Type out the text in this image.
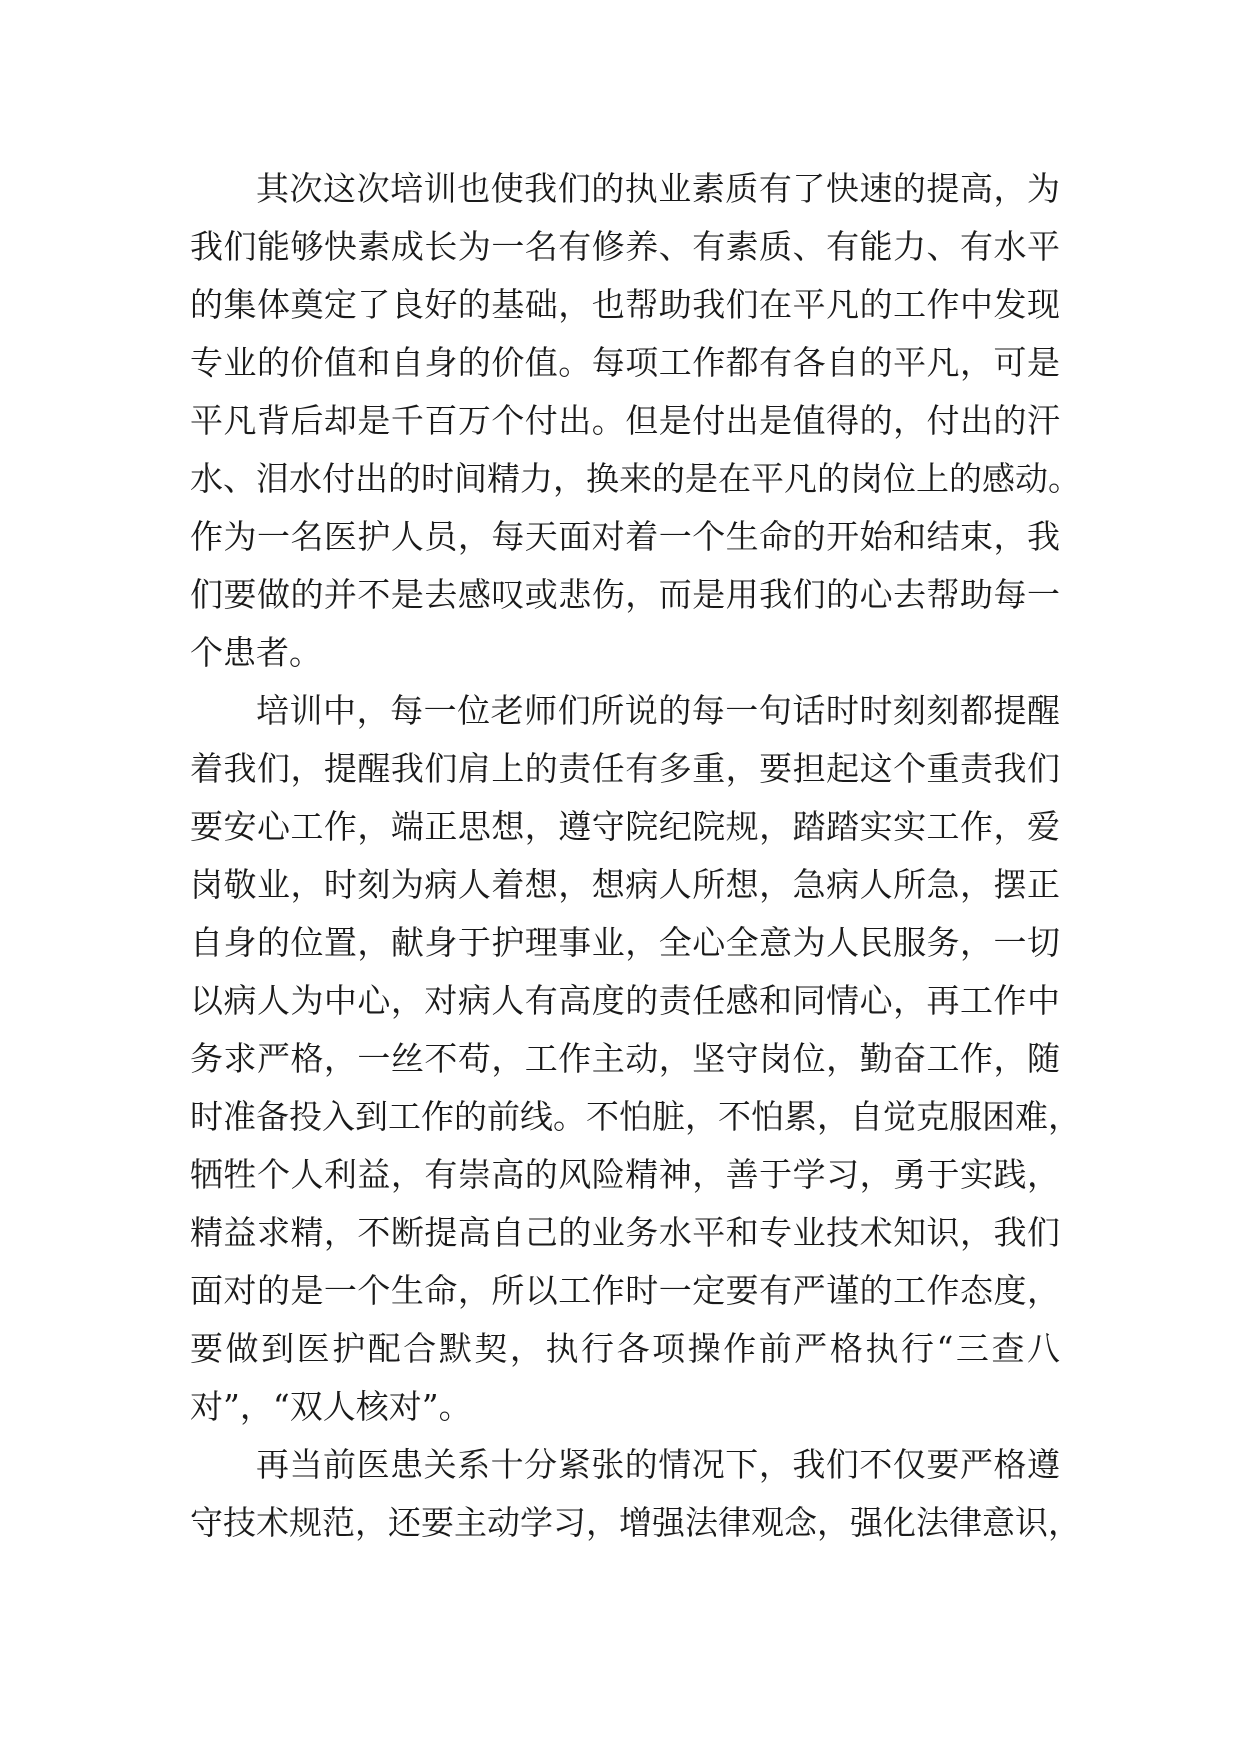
其次这次培训也使我们的执业素质有了快速的提高，为
我们能够快素成长为一名有修养、有素质、有能力、有水平
的集体奠定了良好的基础，也帮助我们在平凡的工作中发现
专业的价值和自身的价值。每项工作都有各自的平凡，可是
平凡背后却是千百万个付出。但是付出是值得的，付出的汗
水、泪水付出的时间精力，换来的是在平凡的岗位上的感动。
作为一名医护人员，每天面对着一个生命的开始和结束，我
们要做的并不是去感叹或悲伤，而是用我们的心去帮助每一
个患者。
培训中，每一位老师们所说的每一句话时时刻刻都提醒
着我们，提醒我们肩上的责任有多重，要担起这个重责我们
要安心工作，端正思想，遵守院纪院规，踏踏实实工作，爱
岗敬业，时刻为病人着想，想病人所想，急病人所急，摆正
自身的位置，献身于护理事业，全心全意为人民服务，一切
以病人为中心，对病人有高度的责任感和同情心，再工作中
务求严格，一丝不苟，工作主动，坚守岗位，勤奋工作，随
时准备投入到工作的前线。不怕脏，不怕累，自觉克服困难，
牺牲个人利益，有崇高的风险精神，善于学习，勇于实践，
精益求精，不断提高自己的业务水平和专业技术知识，我们
面对的是一个生命，所以工作时一定要有严谨的工作态度，
要做到医护配合默契，执行各项操作前严格执行“三查八
对”，“双人核对”。
再当前医患关系十分紧张的情况下，我们不仅要严格遵
守技术规范，还要主动学习，增强法律观念，强化法律意识，
